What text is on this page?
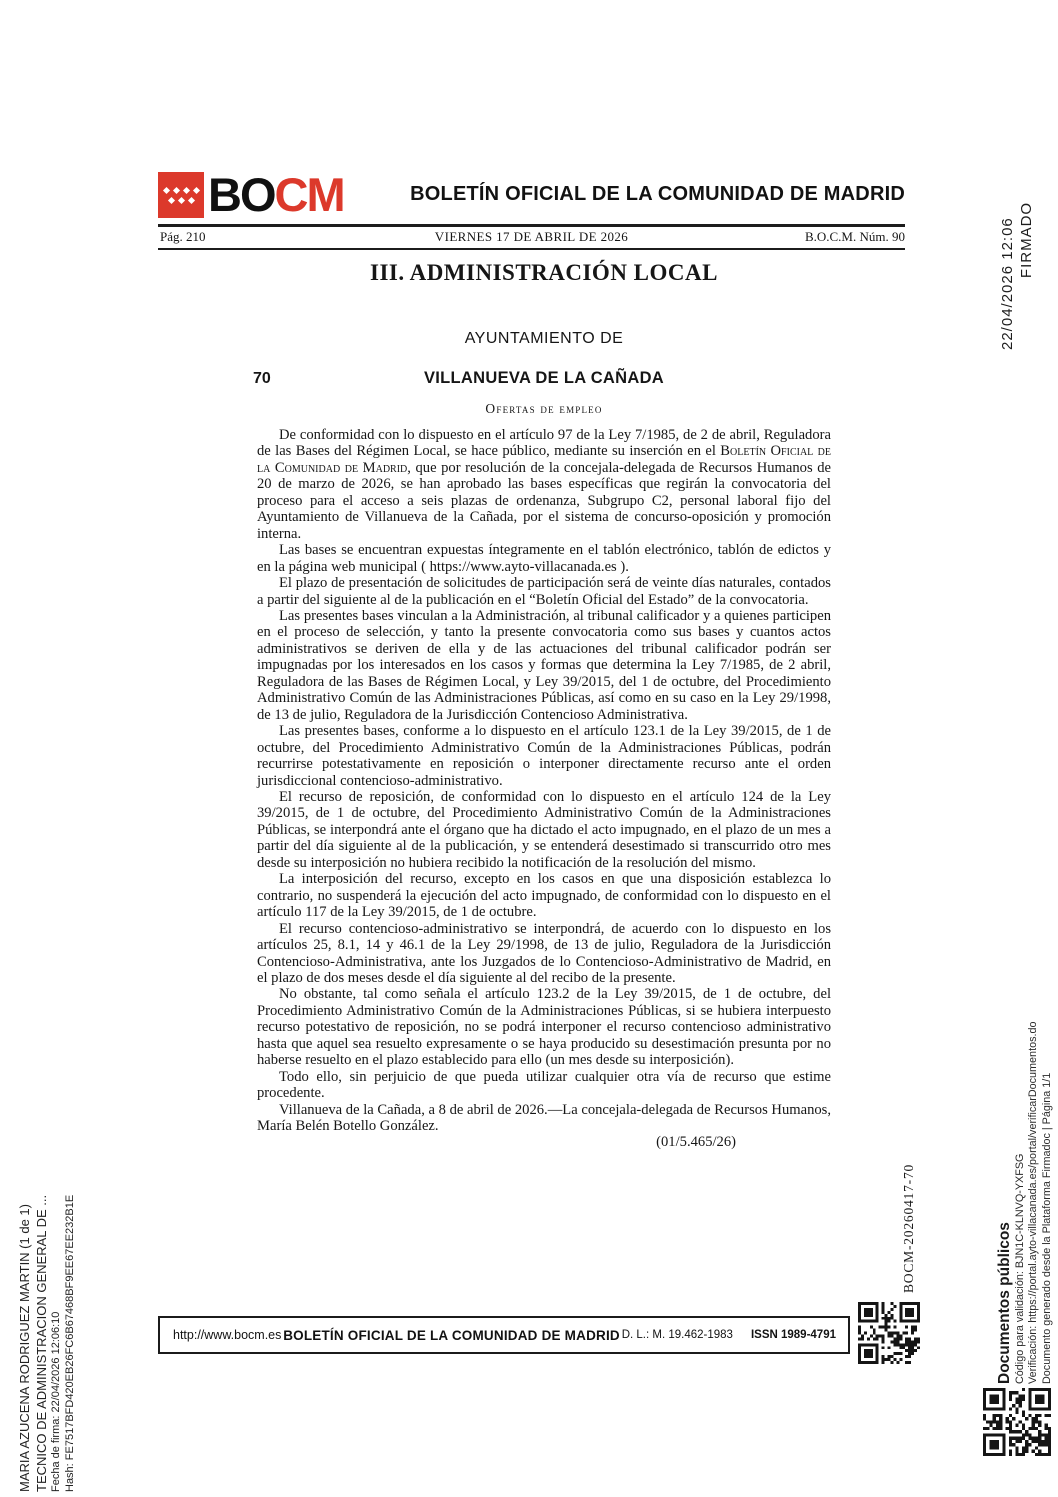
BOCM	BOLETÍN OFICIAL DE LA COMUNIDAD DE MADRID
Pág. 210	VIERNES 17 DE ABRIL DE 2026	B.O.C.M. Núm. 90
III. ADMINISTRACIÓN LOCAL
AYUNTAMIENTO DE
70	VILLANUEVA DE LA CAÑADA
Ofertas de empleo

De conformidad con lo dispuesto en el artículo 97 de la Ley 7/1985, de 2 de abril, Reguladora de las Bases del Régimen Local, se hace público, mediante su inserción en el Boletín Oficial de la Comunidad de Madrid, que por resolución de la concejala-delegada de Recursos Humanos de 20 de marzo de 2026, se han aprobado las bases específicas que regirán la convocatoria del proceso para el acceso a seis plazas de ordenanza, Subgrupo C2, personal laboral fijo del Ayuntamiento de Villanueva de la Cañada, por el sistema de concurso-oposición y promoción interna.

Las bases se encuentran expuestas íntegramente en el tablón electrónico, tablón de edictos y en la página web municipal ( https://www.ayto-villacanada.es ).

El plazo de presentación de solicitudes de participación será de veinte días naturales, contados a partir del siguiente al de la publicación en el “Boletín Oficial del Estado” de la convocatoria.

Las presentes bases vinculan a la Administración, al tribunal calificador y a quienes participen en el proceso de selección, y tanto la presente convocatoria como sus bases y cuantos actos administrativos se deriven de ella y de las actuaciones del tribunal calificador podrán ser impugnadas por los interesados en los casos y formas que determina la Ley 7/1985, de 2 abril, Reguladora de las Bases de Régimen Local, y Ley 39/2015, del 1 de octubre, del Procedimiento Administrativo Común de las Administraciones Públicas, así como en su caso en la Ley 29/1998, de 13 de julio, Reguladora de la Jurisdicción Contencioso Administrativa.

Las presentes bases, conforme a lo dispuesto en el artículo 123.1 de la Ley 39/2015, de 1 de octubre, del Procedimiento Administrativo Común de la Administraciones Públicas, podrán recurrirse potestativamente en reposición o interponer directamente recurso ante el orden jurisdiccional contencioso-administrativo.

El recurso de reposición, de conformidad con lo dispuesto en el artículo 124 de la Ley 39/2015, de 1 de octubre, del Procedimiento Administrativo Común de la Administraciones Públicas, se interpondrá ante el órgano que ha dictado el acto impugnado, en el plazo de un mes a partir del día siguiente al de la publicación, y se entenderá desestimado si transcurrido otro mes desde su interposición no hubiera recibido la notificación de la resolución del mismo.

La interposición del recurso, excepto en los casos en que una disposición establezca lo contrario, no suspenderá la ejecución del acto impugnado, de conformidad con lo dispuesto en el artículo 117 de la Ley 39/2015, de 1 de octubre.

El recurso contencioso-administrativo se interpondrá, de acuerdo con lo dispuesto en los artículos 25, 8.1, 14 y 46.1 de la Ley 29/1998, de 13 de julio, Reguladora de la Jurisdicción Contencioso-Administrativa, ante los Juzgados de lo Contencioso-Administrativo de Madrid, en el plazo de dos meses desde el día siguiente al del recibo de la presente.

No obstante, tal como señala el artículo 123.2 de la Ley 39/2015, de 1 de octubre, del Procedimiento Administrativo Común de la Administraciones Públicas, si se hubiera interpuesto recurso potestativo de reposición, no se podrá interponer el recurso contencioso administrativo hasta que aquel sea resuelto expresamente o se haya producido su desestimación presunta por no haberse resuelto en el plazo establecido para ello (un mes desde su interposición).

Todo ello, sin perjuicio de que pueda utilizar cualquier otra vía de recurso que estime procedente.

Villanueva de la Cañada, a 8 de abril de 2026.—La concejala-delegada de Recursos Humanos, María Belén Botello González.

(01/5.465/26)

http://www.bocm.es BOLETÍN OFICIAL DE LA COMUNIDAD DE MADRID D. L.: M. 19.462-1983 ISSN 1989-4791
MARIA AZUCENA RODRIGUEZ MARTIN (1 de 1) TECNICO DE ADMINISTRACION GENERAL DE ... Fecha de firma: 22/04/2026 12:06:10 Hash: FE7517BFD420EB26FC6B67468BF9EE67EE232B1E
22/04/2026 12:06 FIRMADO
BOCM-20260417-70	Documentos públicos Código para validación: BJN1C-KLNVQ-YXFSG Verificación: https://portal.ayto-villacanada.es/portal/verificarDocumentos.do Documento generado desde la Plataforma Firmadoc | Página 1/1
